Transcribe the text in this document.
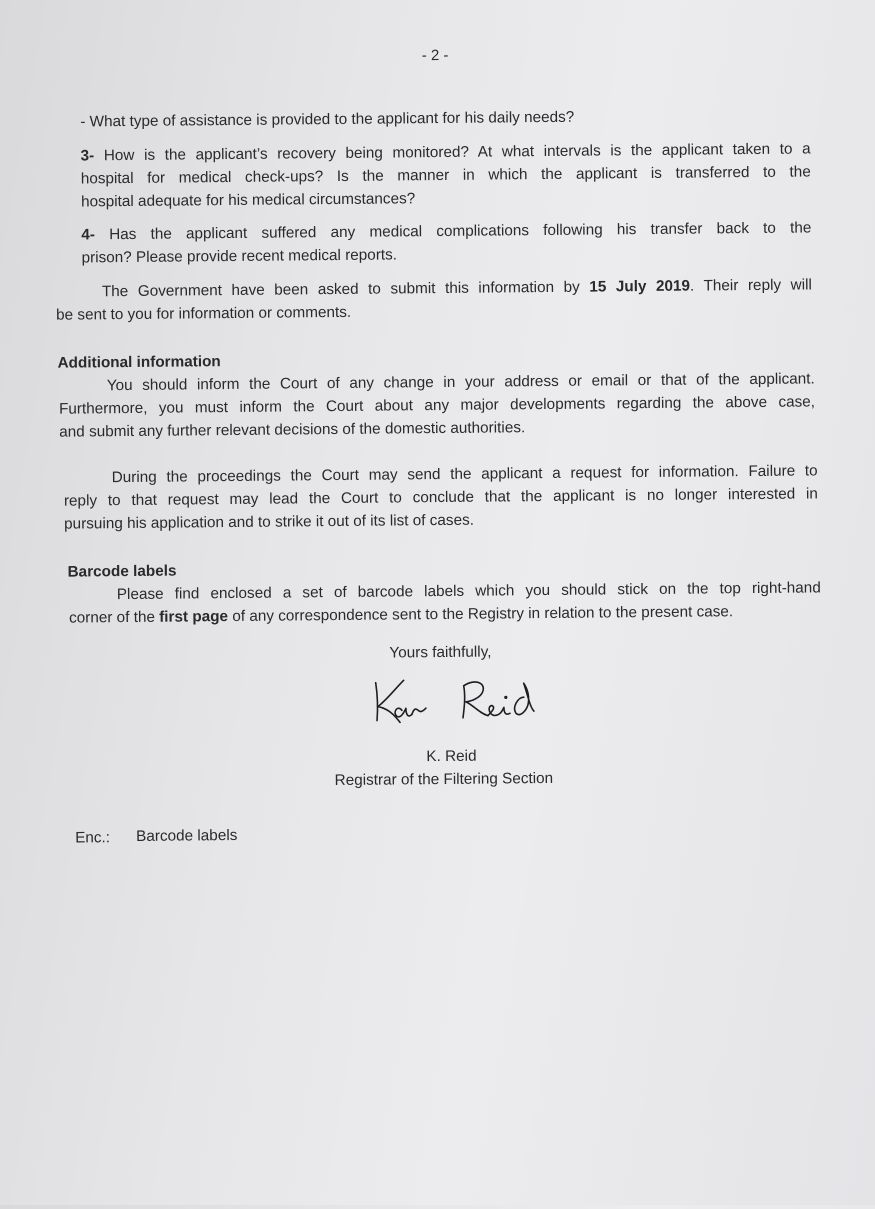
- 2 -
- What type of assistance is provided to the applicant for his daily needs?
3- How is the applicant’s recovery being monitored? At what intervals is the applicant taken to a
hospital for medical check-ups? Is the manner in which the applicant is transferred to the
hospital adequate for his medical circumstances?
4- Has the applicant suffered any medical complications following his transfer back to the
prison? Please provide recent medical reports.
The Government have been asked to submit this information by 15 July 2019. Their reply will
be sent to you for information or comments.
Additional information
You should inform the Court of any change in your address or email or that of the applicant.
Furthermore, you must inform the Court about any major developments regarding the above case,
and submit any further relevant decisions of the domestic authorities.
During the proceedings the Court may send the applicant a request for information. Failure to
reply to that request may lead the Court to conclude that the applicant is no longer interested in
pursuing his application and to strike it out of its list of cases.
Barcode labels
Please find enclosed a set of barcode labels which you should stick on the top right-hand
corner of the first page of any correspondence sent to the Registry in relation to the present case.
Yours faithfully,
K. Reid
Registrar of the Filtering Section
Enc.: Barcode labels
